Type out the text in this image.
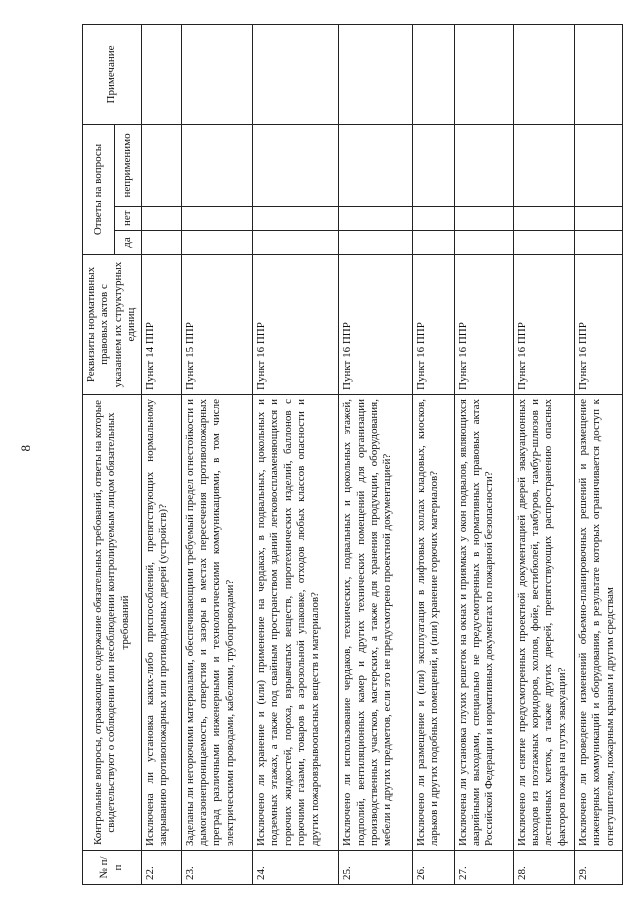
8
№ п/п	Контрольные вопросы, отражающие содержание обязательных требований, ответы на которые свидетельствуют о соблюдении или несоблюдении контролируемым лицом обязательных требований	Реквизиты нормативных правовых актов с указанием их структурных единиц	Ответы на вопросы			Примечание
			да	нет	неприменимо	
22.	Исключена ли установка каких-либо приспособлений, препятствующих нормальному закрыванию противопожарных или противодымных дверей (устройств)?	Пункт 14 ППР				
23.	Заделаны ли негорючими материалами, обеспечивающими требуемый предел огнестойкости и дымогазонепроницаемость, отверстия и зазоры в местах пересечения противопожарных преград различными инженерными и технологическими коммуникациями, в том числе электрическими проводами, кабелями, трубопроводами?	Пункт 15 ППР				
24.	Исключено ли хранение и (или) применение на чердаках, в подвальных, цокольных и подземных этажах, а также под свайным пространством зданий легковоспламеняющихся и горючих жидкостей, пороха, взрывчатых веществ, пиротехнических изделий, баллонов с горючими газами, товаров в аэрозольной упаковке, отходов любых классов опасности и других пожаровзрывоопасных веществ и материалов?	Пункт 16 ППР				
25.	Исключено ли использование чердаков, технических, подвальных и цокольных этажей, подполий, вентиляционных камер и других технических помещений для организации производственных участков, мастерских, а также для хранения продукции, оборудования, мебели и других предметов, если это не предусмотрено проектной документацией?	Пункт 16 ППР				
26.	Исключено ли размещение и (или) эксплуатация в лифтовых холлах кладовых, киосков, ларьков и других подобных помещений, и (или) хранение горючих материалов?	Пункт 16 ППР				
27.	Исключена ли установка глухих решеток на окнах и приямках у окон подвалов, являющихся аварийными выходами, специально не предусмотренных в нормативных правовых актах Российской Федерации и нормативных документах по пожарной безопасности?	Пункт 16 ППР				
28.	Исключено ли снятие предусмотренных проектной документацией дверей эвакуационных выходов из поэтажных коридоров, холлов, фойе, вестибюлей, тамбуров, тамбур-шлюзов и лестничных клеток, а также других дверей, препятствующих распространению опасных факторов пожара на путях эвакуации?	Пункт 16 ППР				
29.	Исключено ли проведение изменений объемно-планировочных решений и размещение инженерных коммуникаций и оборудования, в результате которых ограничивается доступ к огнетушителям, пожарным кранам и другим средствам	Пункт 16 ППР				
